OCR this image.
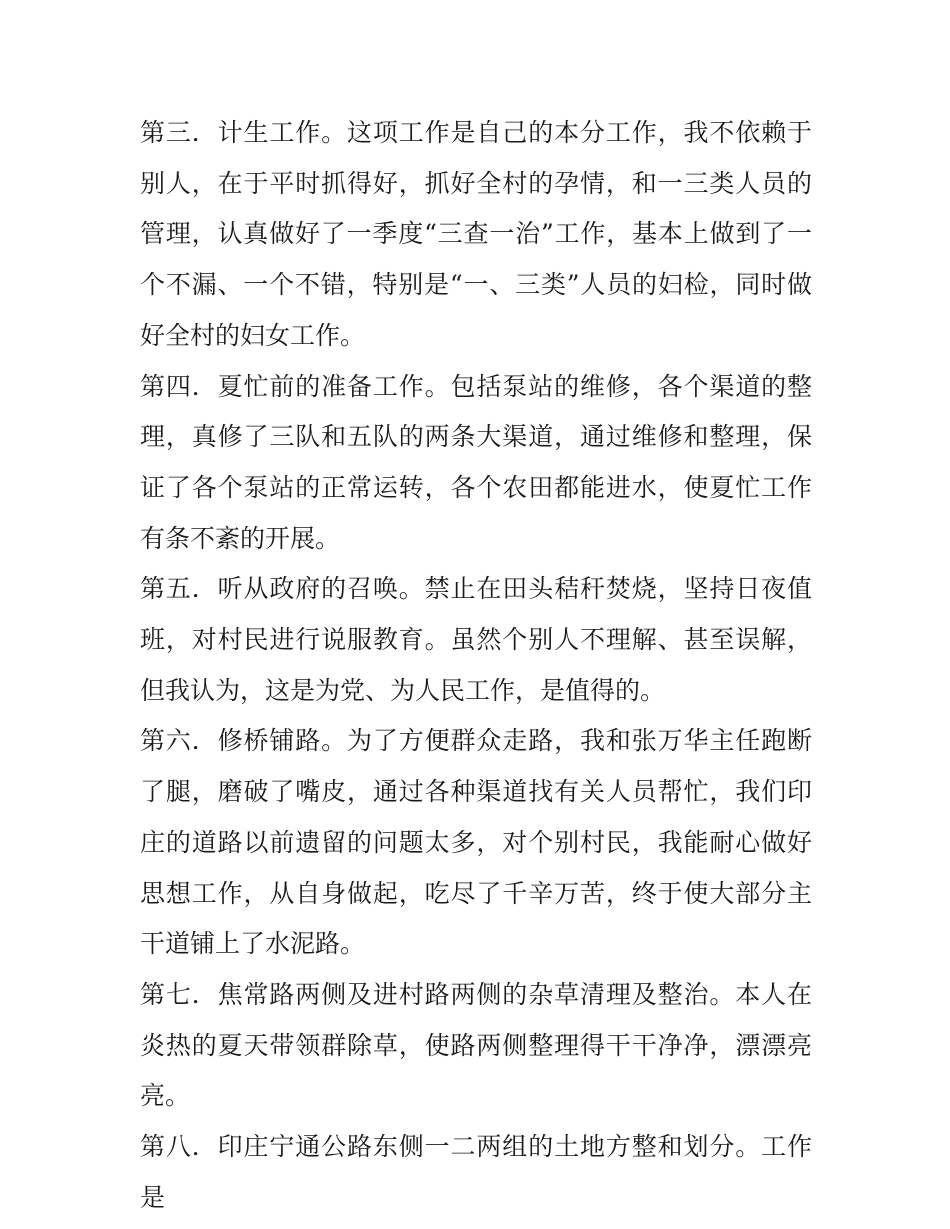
第三．计生工作。这项工作是自己的本分工作，我不依赖于别人，在于平时抓得好，抓好全村的孕情，和一三类人员的管理，认真做好了一季度“三查一治”工作，基本上做到了一个不漏、一个不错，特别是“一、三类”人员的妇检，同时做好全村的妇女工作。

第四．夏忙前的准备工作。包括泵站的维修，各个渠道的整理，真修了三队和五队的两条大渠道，通过维修和整理，保证了各个泵站的正常运转，各个农田都能进水，使夏忙工作有条不紊的开展。

第五．听从政府的召唤。禁止在田头秸秆焚烧，坚持日夜值班，对村民进行说服教育。虽然个别人不理解、甚至误解，但我认为，这是为党、为人民工作，是值得的。

第六．修桥铺路。为了方便群众走路，我和张万华主任跑断了腿，磨破了嘴皮，通过各种渠道找有关人员帮忙，我们印庄的道路以前遗留的问题太多，对个别村民，我能耐心做好思想工作，从自身做起，吃尽了千辛万苦，终于使大部分主干道铺上了水泥路。

第七．焦常路两侧及进村路两侧的杂草清理及整治。本人在炎热的夏天带领群除草，使路两侧整理得干干净净，漂漂亮亮。

第八．印庄宁通公路东侧一二两组的土地方整和划分。工作是
